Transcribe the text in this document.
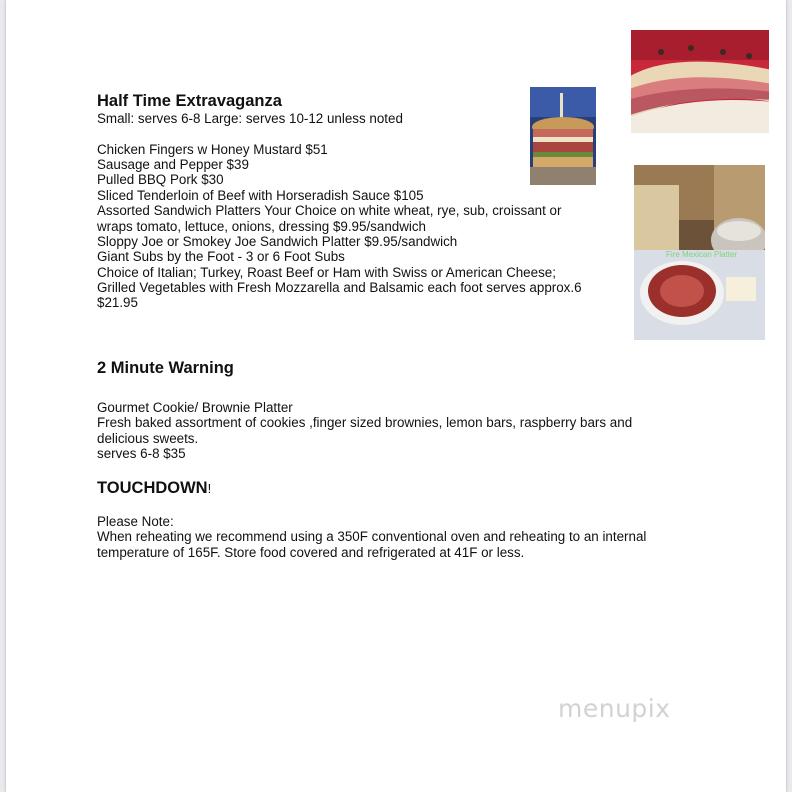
Half Time Extravaganza
Small: serves 6-8 Large: serves 10-12 unless noted
Chicken Fingers w Honey Mustard $51
Sausage and Pepper $39
Pulled BBQ Pork $30
Sliced Tenderloin of Beef with Horseradish Sauce $105
Assorted Sandwich Platters Your Choice on white wheat, rye, sub, croissant or
wraps tomato, lettuce, onions, dressing $9.95/sandwich
Sloppy Joe or Smokey Joe Sandwich Platter $9.95/sandwich
Giant Subs by the Foot - 3 or 6 Foot Subs
Choice of Italian; Turkey, Roast Beef or Ham with Swiss or American Cheese;
Grilled Vegetables with Fresh Mozzarella and Balsamic each foot serves approx.6
$21.95
2 Minute Warning
Gourmet Cookie/ Brownie Platter
Fresh baked assortment of cookies ,finger sized brownies, lemon bars, raspberry bars and
delicious sweets.
serves 6-8 $35
TOUCHDOWN!
Please Note:
When reheating we recommend using a 350F conventional oven and reheating to an internal
temperature of 165F. Store food covered and refrigerated at 41F or less.
Fire Mexican Platter
menupix
